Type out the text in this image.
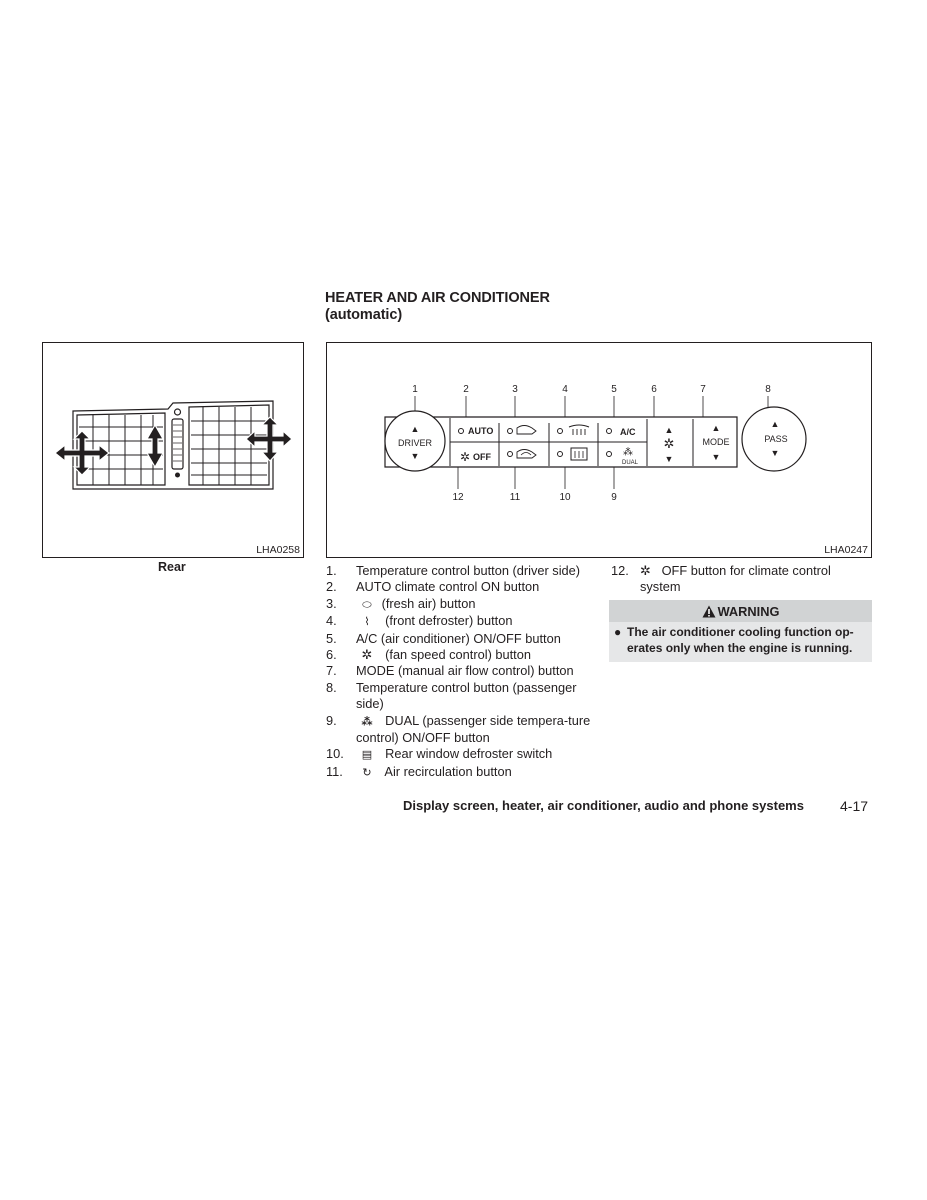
HEATER AND AIR CONDITIONER
(automatic)
LHA0258
Rear
1	2	3	4	5	6	7	8
12	11	10	9
▲
DRIVER
▼
AUTO	A/C	▲
✲
▼
▲
MODE
▼
▲
PASS
▼
✲ OFF	⁂
DUAL
LHA0247
1. Temperature control button (driver side)
2. AUTO climate control ON button
3. ⬭ (fresh air) button
4.	⌇ (front defroster) button
5. A/C (air conditioner) ON/OFF button
6. ✲ (fan speed control) button
7. MODE (manual air flow control) button
8. Temperature control button (passenger side)
9. ⁂ DUAL (passenger side tempera-ture control) ON/OFF button
10. ▤ Rear window defroster switch
11. ↻ Air recirculation button
12. ✲ OFF button for climate control system
WARNING
● The air conditioner cooling function op-erates only when the engine is running.
Display screen, heater, air conditioner, audio and phone systems	4-17
